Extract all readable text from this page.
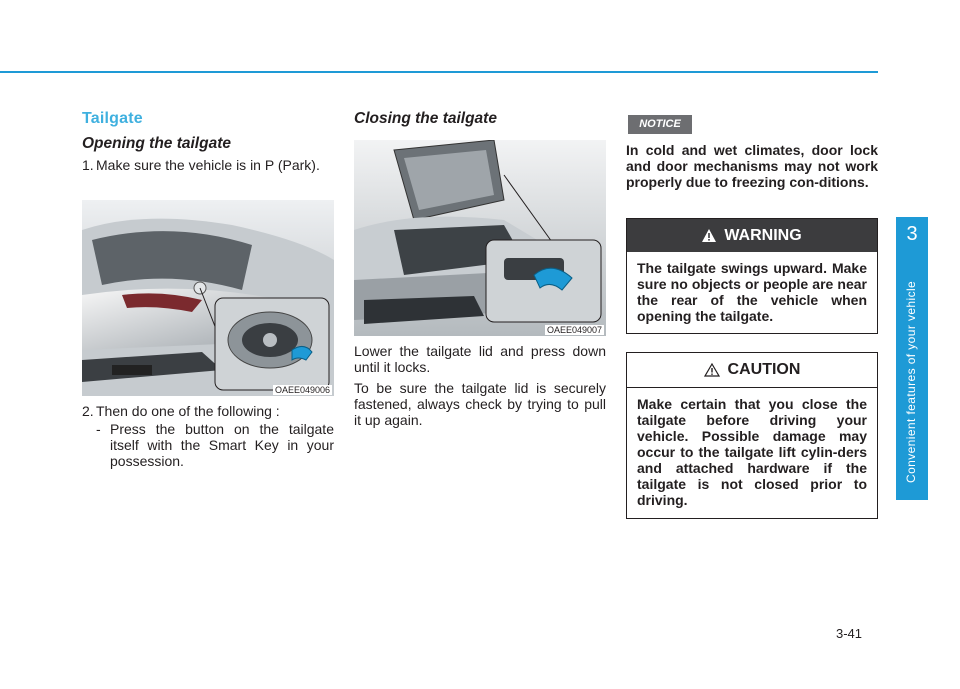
Tailgate
Opening the tailgate
1. Make sure the vehicle is in P (Park).
OAEE049006
2. Then do one of the following :
- Press the button on the tailgate itself with the Smart Key in your possession.
Closing the tailgate
OAEE049007
Lower the tailgate lid and press down until it locks.
To be sure the tailgate lid is securely fastened, always check by trying to pull it up again.
NOTICE
In cold and wet climates, door lock and door mechanisms may not work properly due to freezing con-ditions.
WARNING
The tailgate swings upward. Make sure no objects or people are near the rear of the vehicle when opening the tailgate.
CAUTION
Make certain that you close the tailgate before driving your vehicle. Possible damage may occur to the tailgate lift cylin-ders and attached hardware if the tailgate is not closed prior to driving.
3
Convenient features of your vehicle
3-41
